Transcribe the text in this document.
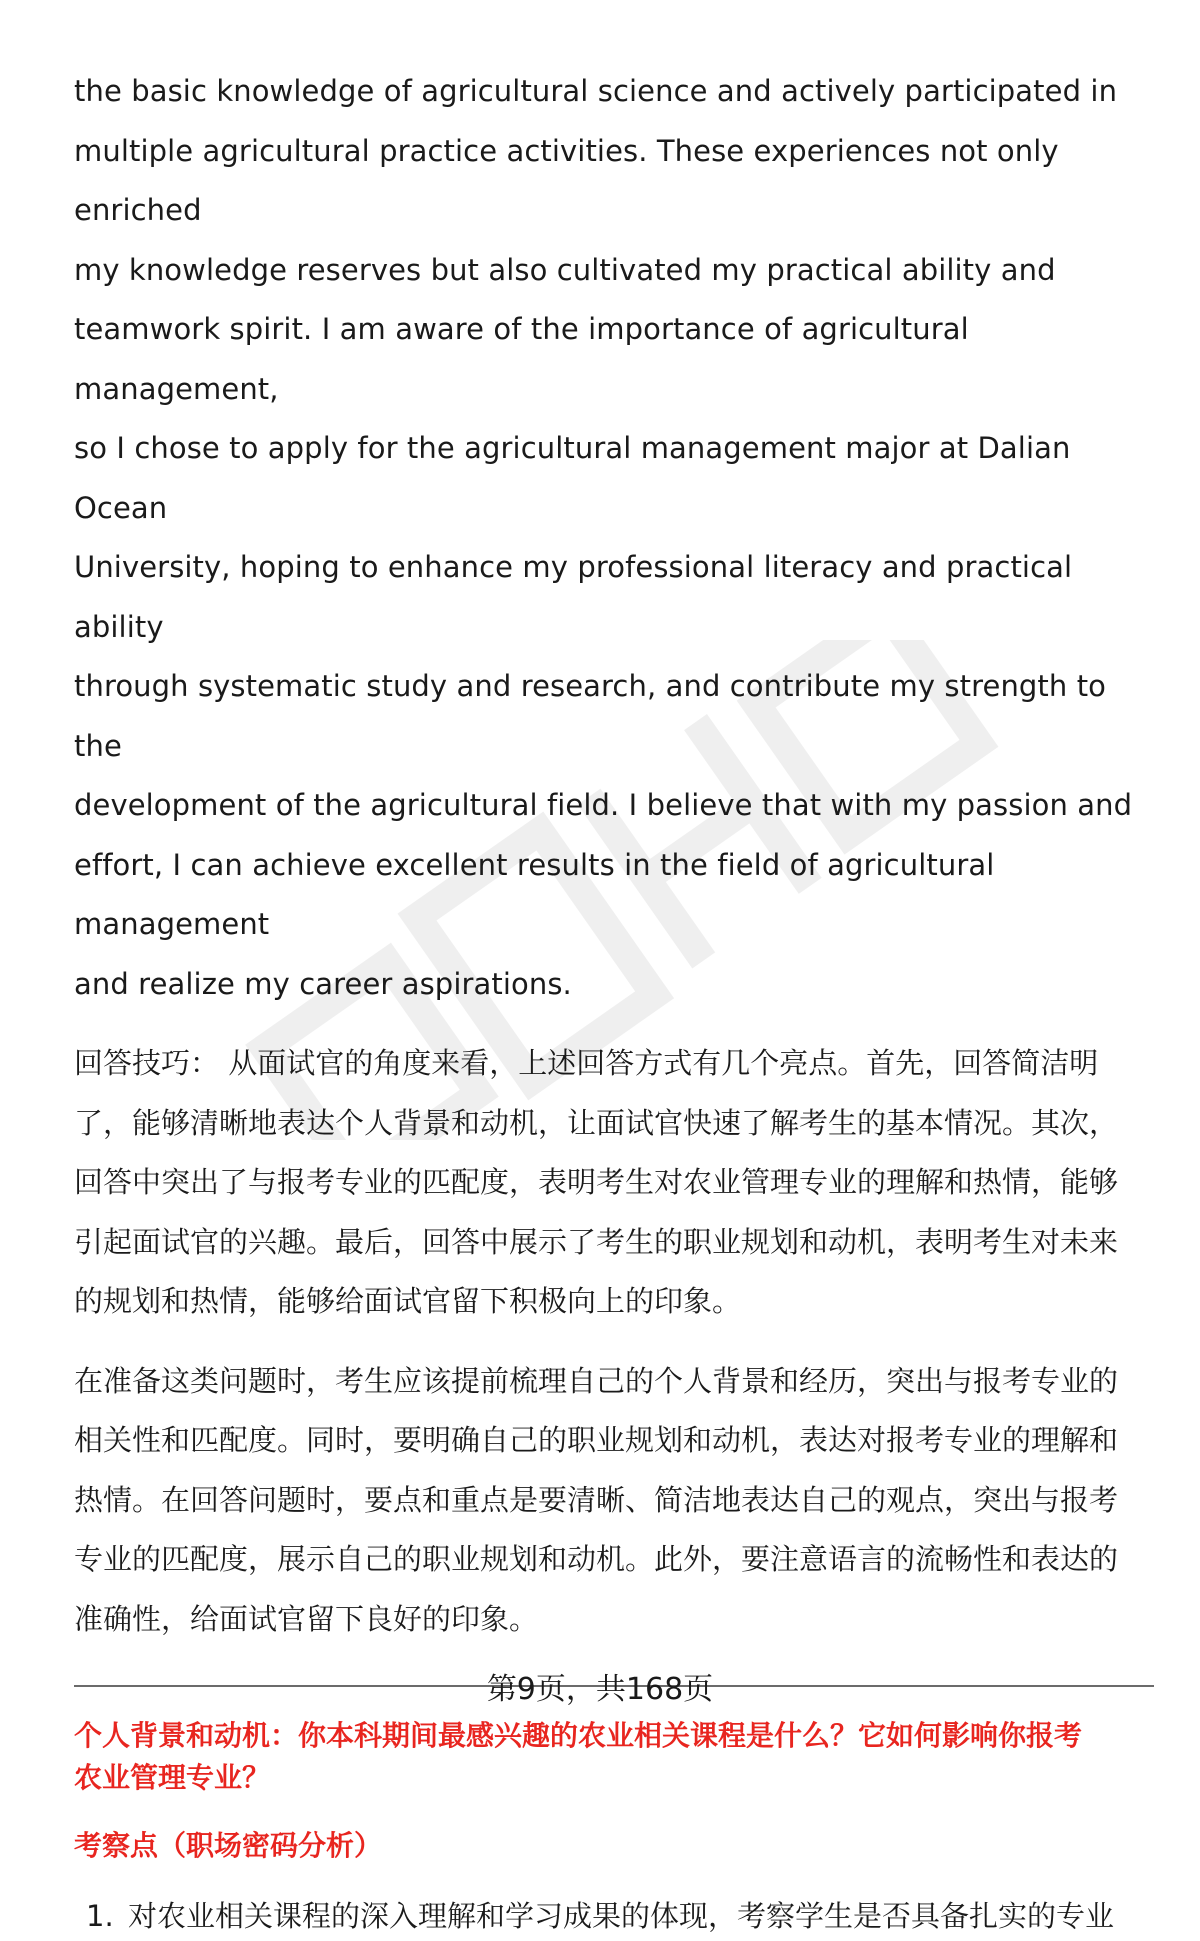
the basic knowledge of agricultural science and actively participated in

multiple agricultural practice activities. These experiences not only enriched

my knowledge reserves but also cultivated my practical ability and

teamwork spirit. I am aware of the importance of agricultural management,

so I chose to apply for the agricultural management major at Dalian Ocean

University, hoping to enhance my professional literacy and practical ability

through systematic study and research, and contribute my strength to the

development of the agricultural field. I believe that with my passion and

effort, I can achieve excellent results in the field of agricultural management

and realize my career aspirations.

回答技巧： 从面试官的角度来看，上述回答方式有几个亮点。首先，回答简洁明

了，能够清晰地表达个人背景和动机，让面试官快速了解考生的基本情况。其次，

回答中突出了与报考专业的匹配度，表明考生对农业管理专业的理解和热情，能够

引起面试官的兴趣。最后，回答中展示了考生的职业规划和动机，表明考生对未来

的规划和热情，能够给面试官留下积极向上的印象。

在准备这类问题时，考生应该提前梳理自己的个人背景和经历，突出与报考专业的

相关性和匹配度。同时，要明确自己的职业规划和动机，表达对报考专业的理解和

热情。在回答问题时，要点和重点是要清晰、简洁地表达自己的观点，突出与报考

专业的匹配度，展示自己的职业规划和动机。此外，要注意语言的流畅性和表达的

准确性，给面试官留下良好的印象。

个人背景和动机：你本科期间最感兴趣的农业相关课程是什么？它如何影响你报考
农业管理专业？
考察点（职场密码分析）
1. 对农业相关课程的深入理解和学习成果的体现，考察学生是否具备扎实的专业
第9页，共168页
